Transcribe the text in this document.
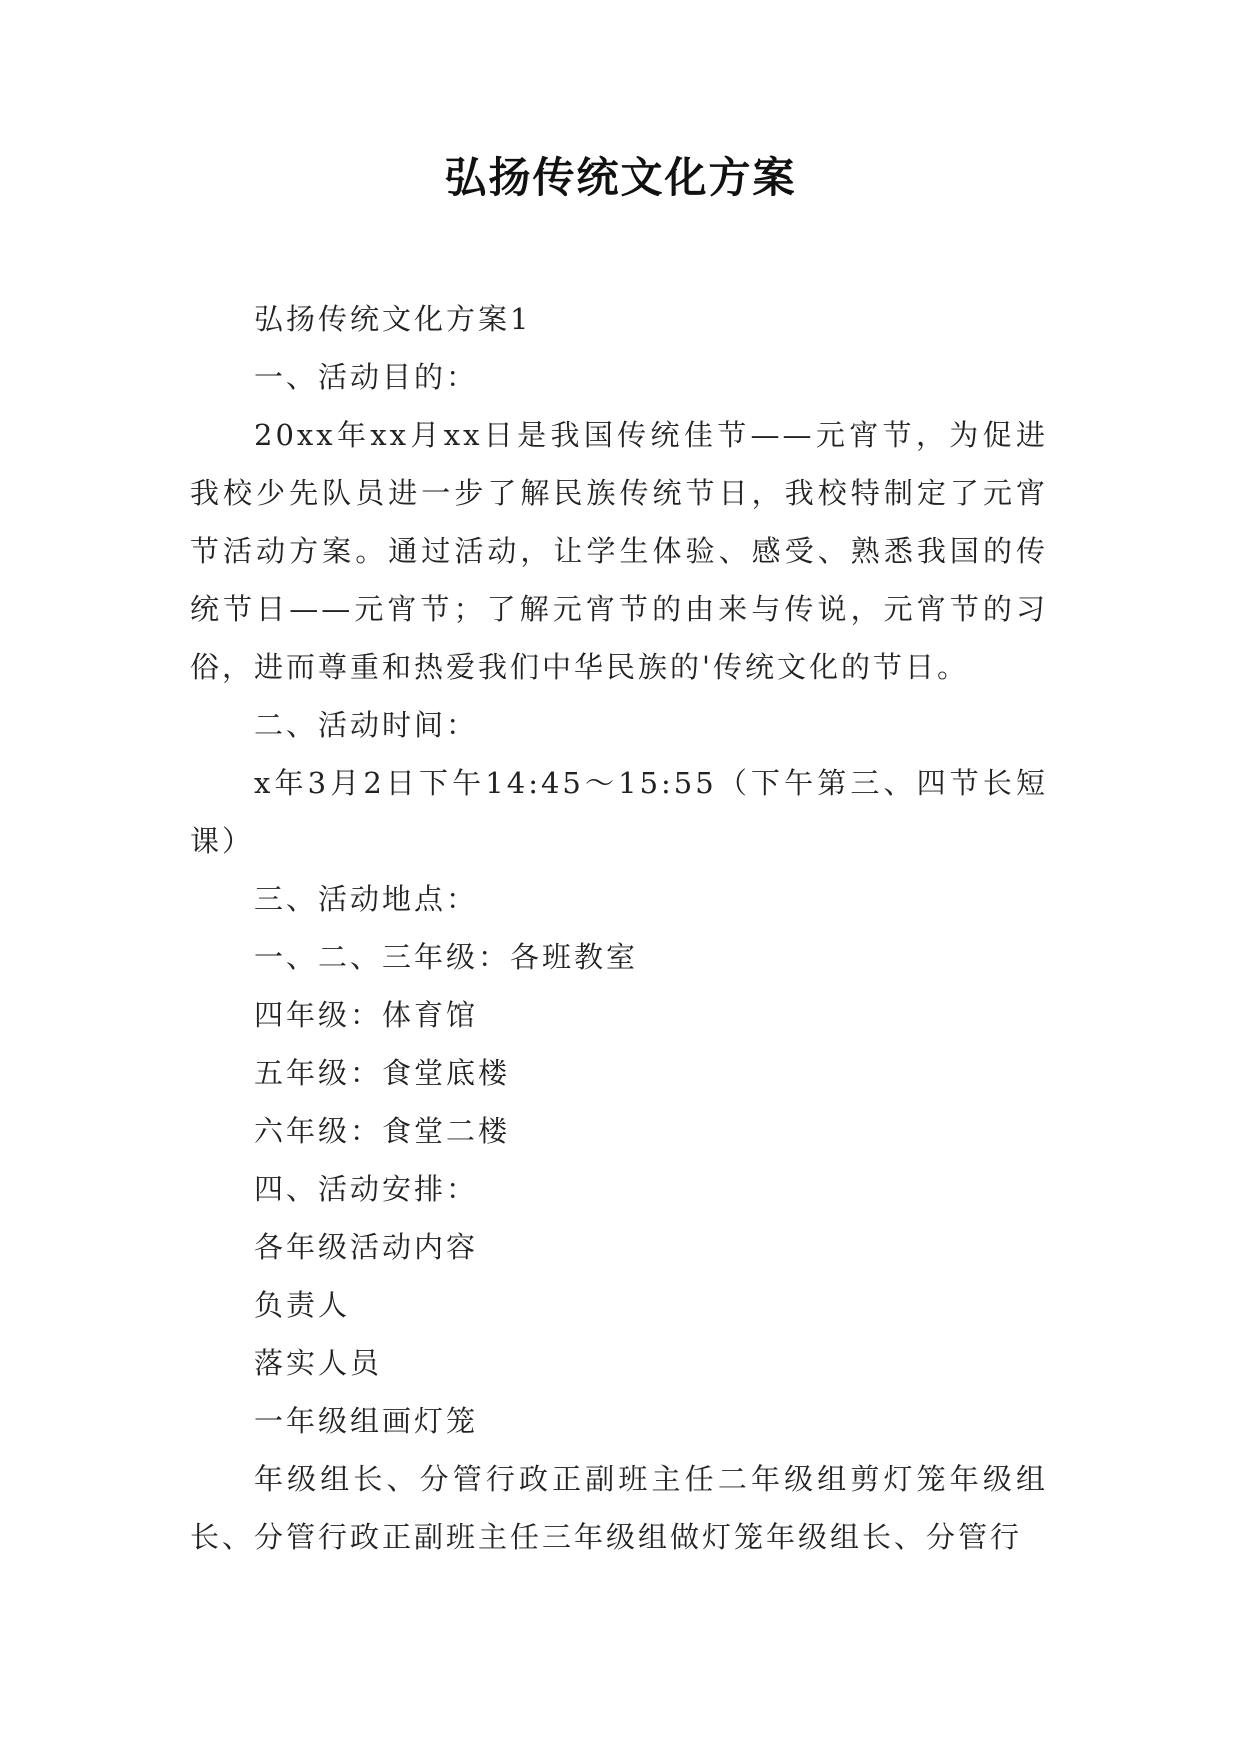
弘扬传统文化方案

弘扬传统文化方案1

一、活动目的：

20xx年xx月xx日是我国传统佳节——元宵节，为促进我校少先队员进一步了解民族传统节日，我校特制定了元宵节活动方案。通过活动，让学生体验、感受、熟悉我国的传统节日——元宵节；了解元宵节的由来与传说，元宵节的习俗，进而尊重和热爱我们中华民族的'传统文化的节日。

二、活动时间：

x年3月2日下午14:45～15:55（下午第三、四节长短课）

三、活动地点：

一、二、三年级：各班教室

四年级：体育馆

五年级：食堂底楼

六年级：食堂二楼

四、活动安排：

各年级活动内容

负责人

落实人员

一年级组画灯笼

年级组长、分管行政正副班主任二年级组剪灯笼年级组长、分管行政正副班主任三年级组做灯笼年级组长、分管行
